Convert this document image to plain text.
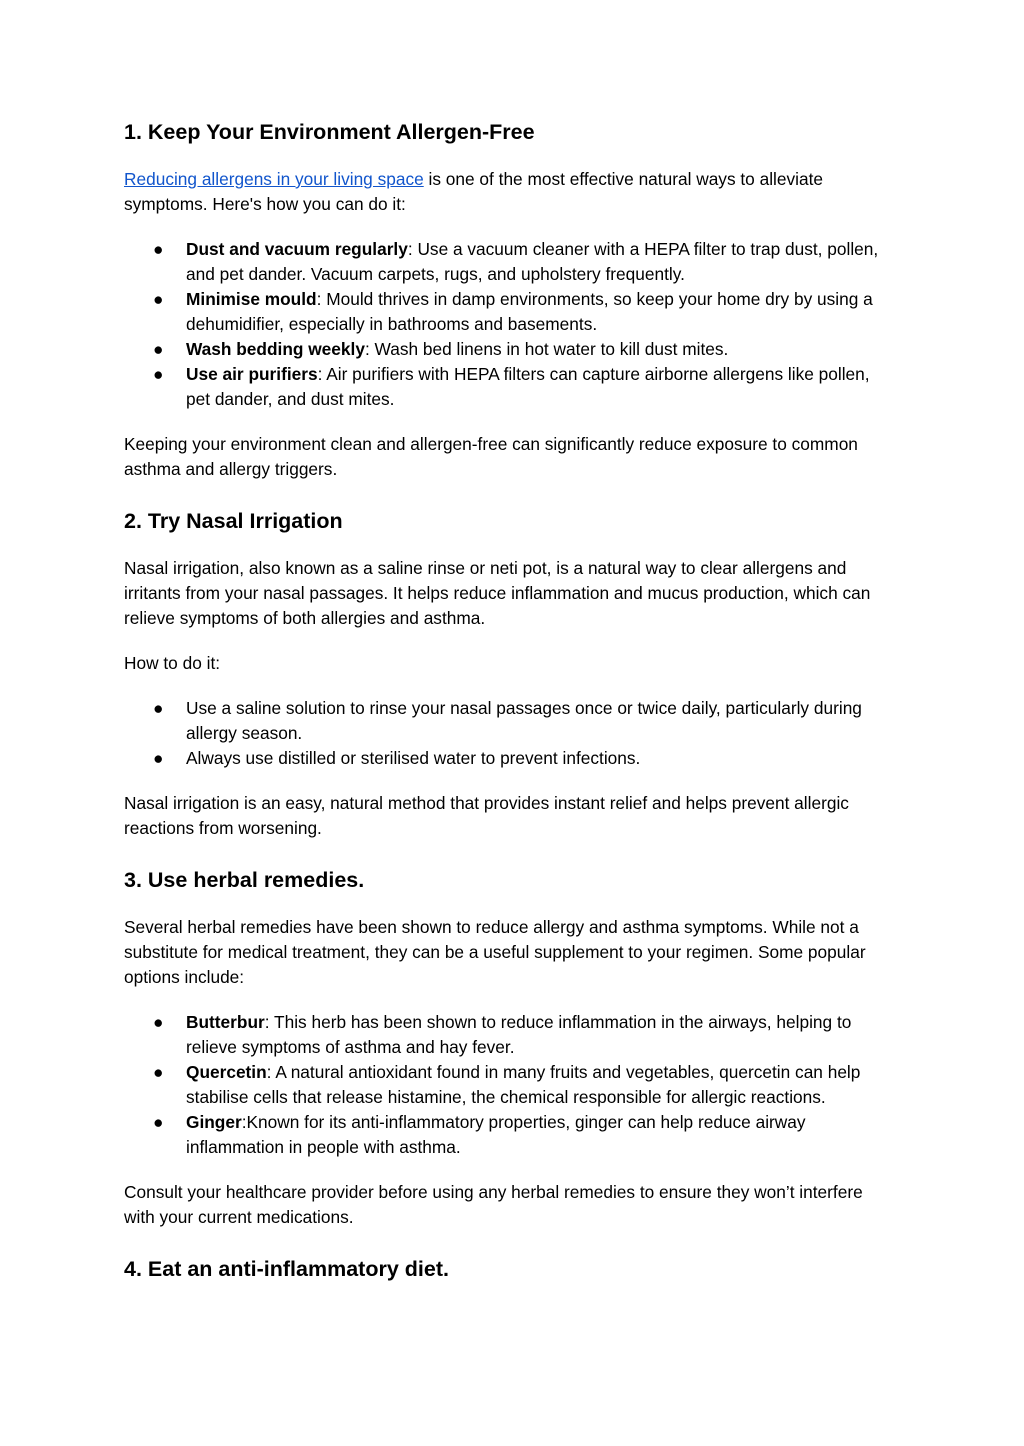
1. Keep Your Environment Allergen-Free

Reducing allergens in your living space is one of the most effective natural ways to alleviate symptoms. Here's how you can do it:

● Dust and vacuum regularly: Use a vacuum cleaner with a HEPA filter to trap dust, pollen, and pet dander. Vacuum carpets, rugs, and upholstery frequently.
● Minimise mould: Mould thrives in damp environments, so keep your home dry by using a dehumidifier, especially in bathrooms and basements.
● Wash bedding weekly: Wash bed linens in hot water to kill dust mites.
● Use air purifiers: Air purifiers with HEPA filters can capture airborne allergens like pollen, pet dander, and dust mites.

Keeping your environment clean and allergen-free can significantly reduce exposure to common asthma and allergy triggers.

2. Try Nasal Irrigation

Nasal irrigation, also known as a saline rinse or neti pot, is a natural way to clear allergens and irritants from your nasal passages. It helps reduce inflammation and mucus production, which can relieve symptoms of both allergies and asthma.

How to do it:

● Use a saline solution to rinse your nasal passages once or twice daily, particularly during allergy season.
● Always use distilled or sterilised water to prevent infections.

Nasal irrigation is an easy, natural method that provides instant relief and helps prevent allergic reactions from worsening.

3. Use herbal remedies.

Several herbal remedies have been shown to reduce allergy and asthma symptoms. While not a substitute for medical treatment, they can be a useful supplement to your regimen. Some popular options include:

● Butterbur: This herb has been shown to reduce inflammation in the airways, helping to relieve symptoms of asthma and hay fever.
● Quercetin: A natural antioxidant found in many fruits and vegetables, quercetin can help stabilise cells that release histamine, the chemical responsible for allergic reactions.
● Ginger:Known for its anti-inflammatory properties, ginger can help reduce airway inflammation in people with asthma.

Consult your healthcare provider before using any herbal remedies to ensure they won’t interfere with your current medications.

4. Eat an anti-inflammatory diet.
